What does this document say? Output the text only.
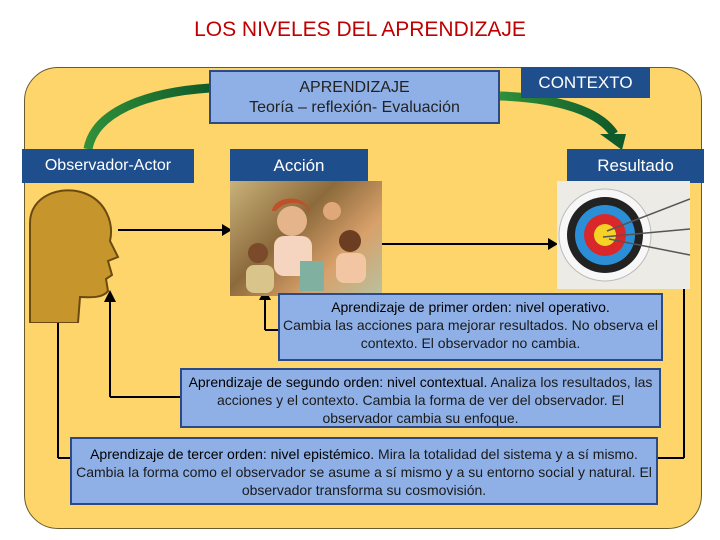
LOS NIVELES DEL APRENDIZAJE
APRENDIZAJE
Teoría – reflexión- Evaluación
CONTEXTO
Observador-Actor	Acción	Resultado
Aprendizaje de primer orden: nivel operativo.
Cambia las acciones para mejorar resultados. No observa el contexto. El observador no cambia.
Aprendizaje de segundo orden: nivel contextual. Analiza los resultados, las acciones y el contexto. Cambia la forma de ver del observador. El observador cambia su enfoque.
Aprendizaje de tercer orden: nivel epistémico. Mira la totalidad del sistema y a sí mismo. Cambia la forma como el observador se asume a sí mismo y a su entorno social y natural. El observador transforma su cosmovisión.
